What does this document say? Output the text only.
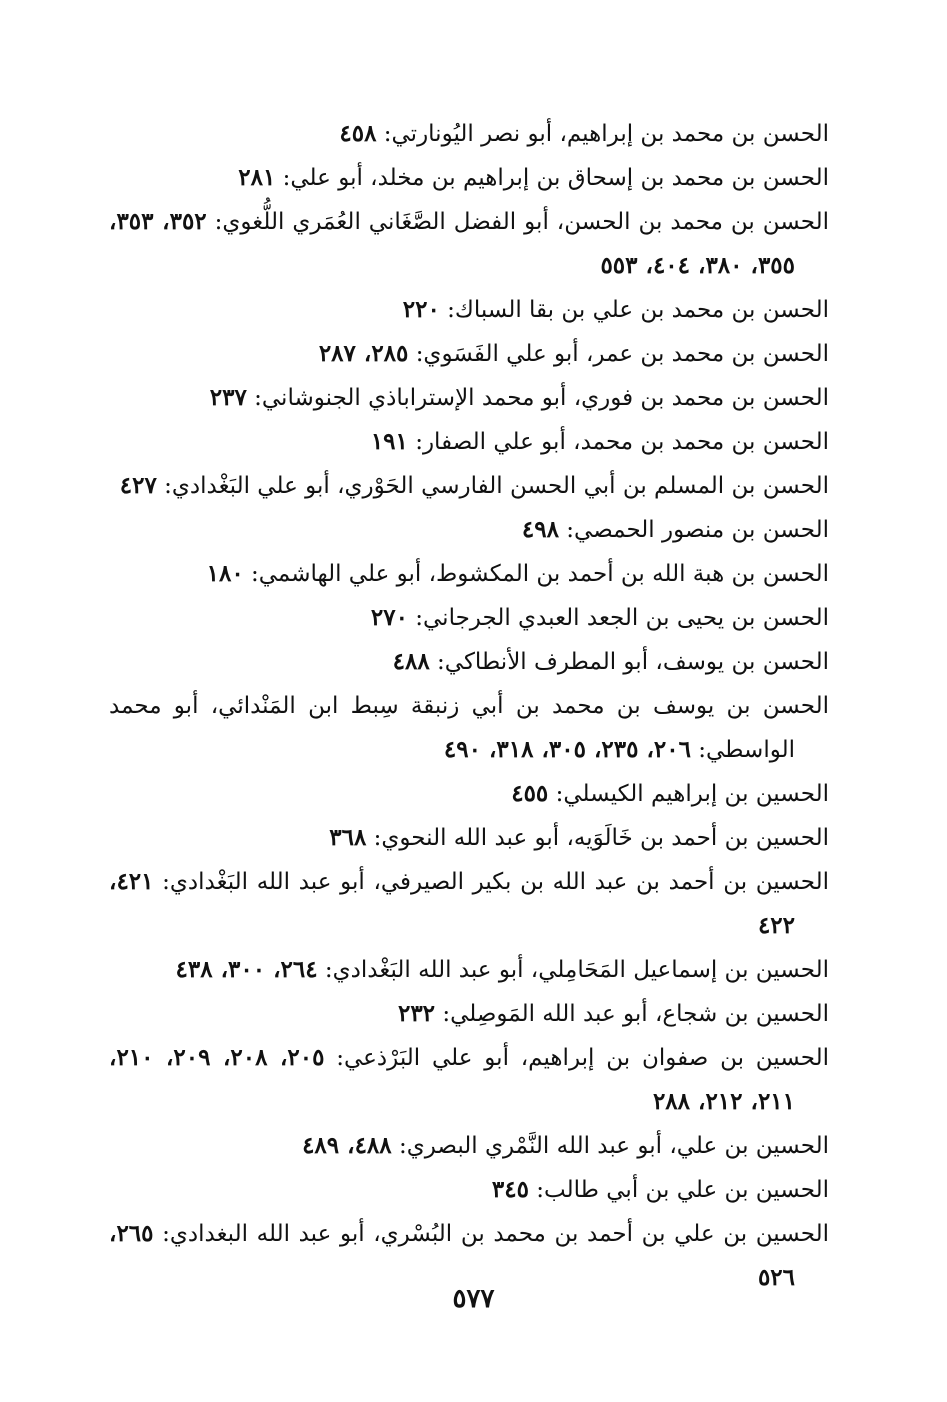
الحسن بن محمد بن إبراهيم، أبو نصر اليُونارتي: ٤٥٨
الحسن بن محمد بن إسحاق بن إبراهيم بن مخلد، أبو علي: ٢٨١
الحسن بن محمد بن الحسن، أبو الفضل الصَّغَاني العُمَري اللُّغوي: ٣٥٢، ٣٥٣، ٣٥٥، ٣٨٠، ٤٠٤، ٥٥٣
الحسن بن محمد بن علي بن بقا السباك: ٢٢٠
الحسن بن محمد بن عمر، أبو علي الفَسَوي: ٢٨٥، ٢٨٧
الحسن بن محمد بن فوري، أبو محمد الإستراباذي الجنوشاني: ٢٣٧
الحسن بن محمد بن محمد، أبو علي الصفار: ١٩١
الحسن بن المسلم بن أبي الحسن الفارسي الحَوْري، أبو علي البَغْدادي: ٤٢٧
الحسن بن منصور الحمصي: ٤٩٨
الحسن بن هبة الله بن أحمد بن المكشوط، أبو علي الهاشمي: ١٨٠
الحسن بن يحيى بن الجعد العبدي الجرجاني: ٢٧٠
الحسن بن يوسف، أبو المطرف الأنطاكي: ٤٨٨
الحسن بن يوسف بن محمد بن أبي زنبقة سِبط ابن المَنْدائي، أبو محمد الواسطي: ٢٠٦، ٢٣٥، ٣٠٥، ٣١٨، ٤٩٠
الحسين بن إبراهيم الكيسلي: ٤٥٥
الحسين بن أحمد بن خَالَوَيه، أبو عبد الله النحوي: ٣٦٨
الحسين بن أحمد بن عبد الله بن بكير الصيرفي، أبو عبد الله البَغْدادي: ٤٢١، ٤٢٢
الحسين بن إسماعيل المَحَامِلي، أبو عبد الله البَغْدادي: ٢٦٤، ٣٠٠، ٤٣٨
الحسين بن شجاع، أبو عبد الله المَوصِلي: ٢٣٢
الحسين بن صفوان بن إبراهيم، أبو علي البَرْذعي: ٢٠٥، ٢٠٨، ٢٠٩، ٢١٠، ٢١١، ٢١٢، ٢٨٨
الحسين بن علي، أبو عبد الله النَّمْري البصري: ٤٨٨، ٤٨٩
الحسين بن علي بن أبي طالب: ٣٤٥
الحسين بن علي بن أحمد بن محمد بن البُسْري، أبو عبد الله البغدادي: ٢٦٥، ٥٢٦
٥٧٧
